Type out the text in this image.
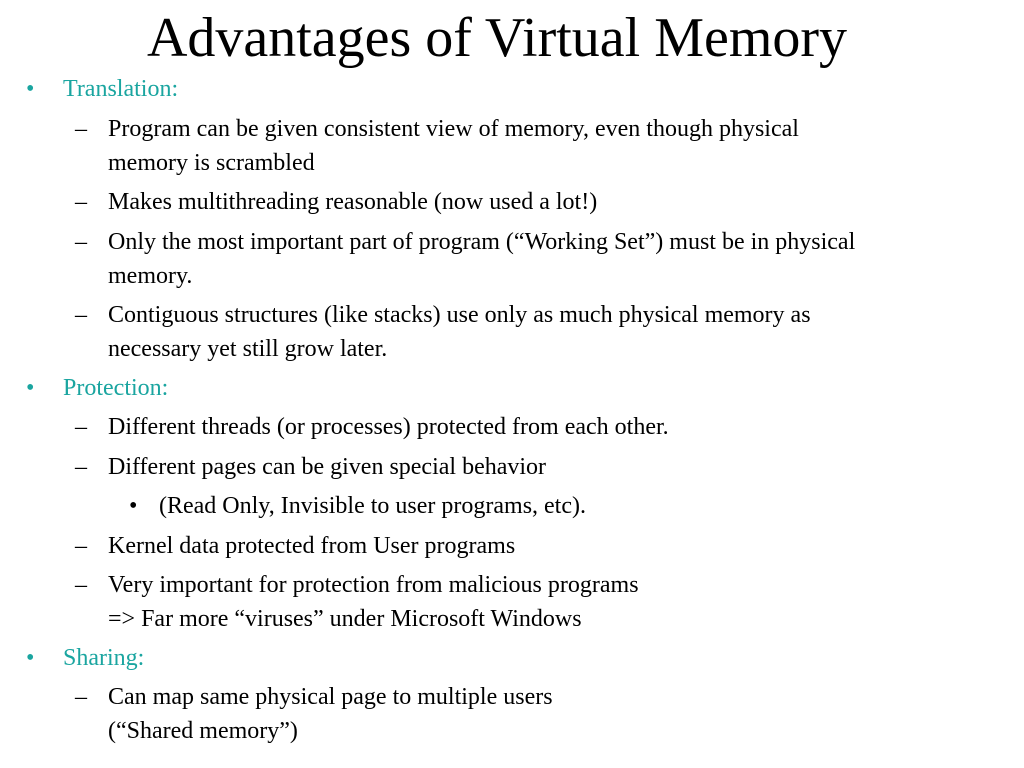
Advantages of Virtual Memory
• Translation:
– Program can be given consistent view of memory, even though physical
memory is scrambled
– Makes multithreading reasonable (now used a lot!)
– Only the most important part of program (“Working Set”) must be in physical
memory.
– Contiguous structures (like stacks) use only as much physical memory as
necessary yet still grow later.
• Protection:
– Different threads (or processes) protected from each other.
– Different pages can be given special behavior
• (Read Only, Invisible to user programs, etc).
– Kernel data protected from User programs
– Very important for protection from malicious programs
=> Far more “viruses” under Microsoft Windows
• Sharing:
– Can map same physical page to multiple users
(“Shared memory”)
